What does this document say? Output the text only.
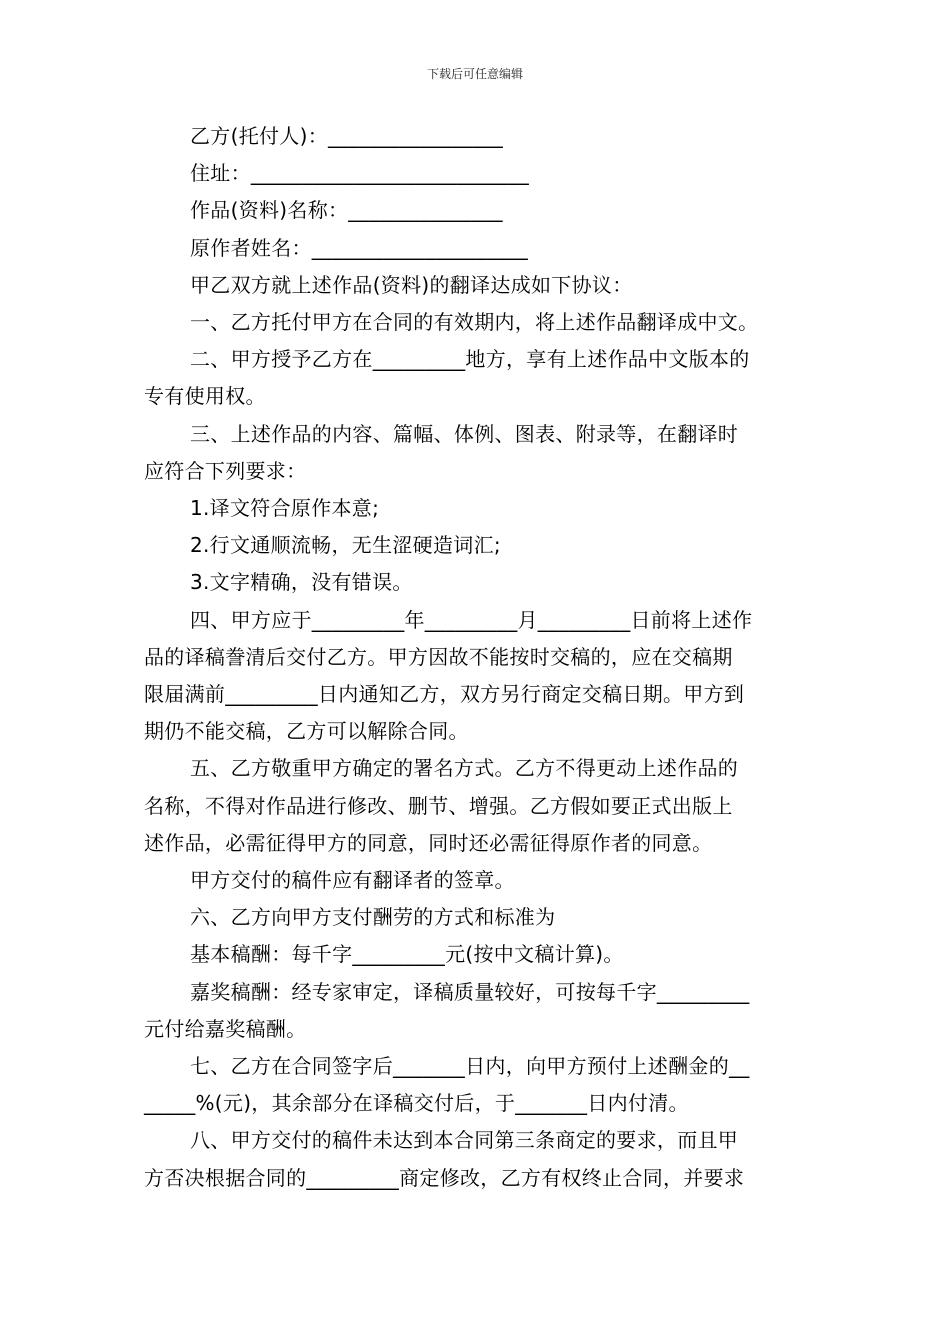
下载后可任意编辑

乙方(托付人)：_________________

住址：___________________________

作品(资料)名称：_______________

原作者姓名：_____________________

甲乙双方就上述作品(资料)的翻译达成如下协议：

一、乙方托付甲方在合同的有效期内，将上述作品翻译成中文。

二、甲方授予乙方在_________地方，享有上述作品中文版本的

专有使用权。

三、上述作品的内容、篇幅、体例、图表、附录等，在翻译时

应符合下列要求：

1.译文符合原作本意;

2.行文通顺流畅，无生涩硬造词汇;

3.文字精确，没有错误。

四、甲方应于_________年_________月_________日前将上述作

品的译稿誊清后交付乙方。甲方因故不能按时交稿的，应在交稿期

限届满前_________日内通知乙方，双方另行商定交稿日期。甲方到

期仍不能交稿，乙方可以解除合同。

五、乙方敬重甲方确定的署名方式。乙方不得更动上述作品的

名称，不得对作品进行修改、删节、增强。乙方假如要正式出版上

述作品，必需征得甲方的同意，同时还必需征得原作者的同意。

甲方交付的稿件应有翻译者的签章。

六、乙方向甲方支付酬劳的方式和标准为

基本稿酬：每千字_________元(按中文稿计算)。

嘉奖稿酬：经专家审定，译稿质量较好，可按每千字_________

元付给嘉奖稿酬。

七、乙方在合同签字后_______日内，向甲方预付上述酬金的__

_____%(元)，其余部分在译稿交付后，于_______日内付清。

八、甲方交付的稿件未达到本合同第三条商定的要求，而且甲

方否决根据合同的_________商定修改，乙方有权终止合同，并要求
